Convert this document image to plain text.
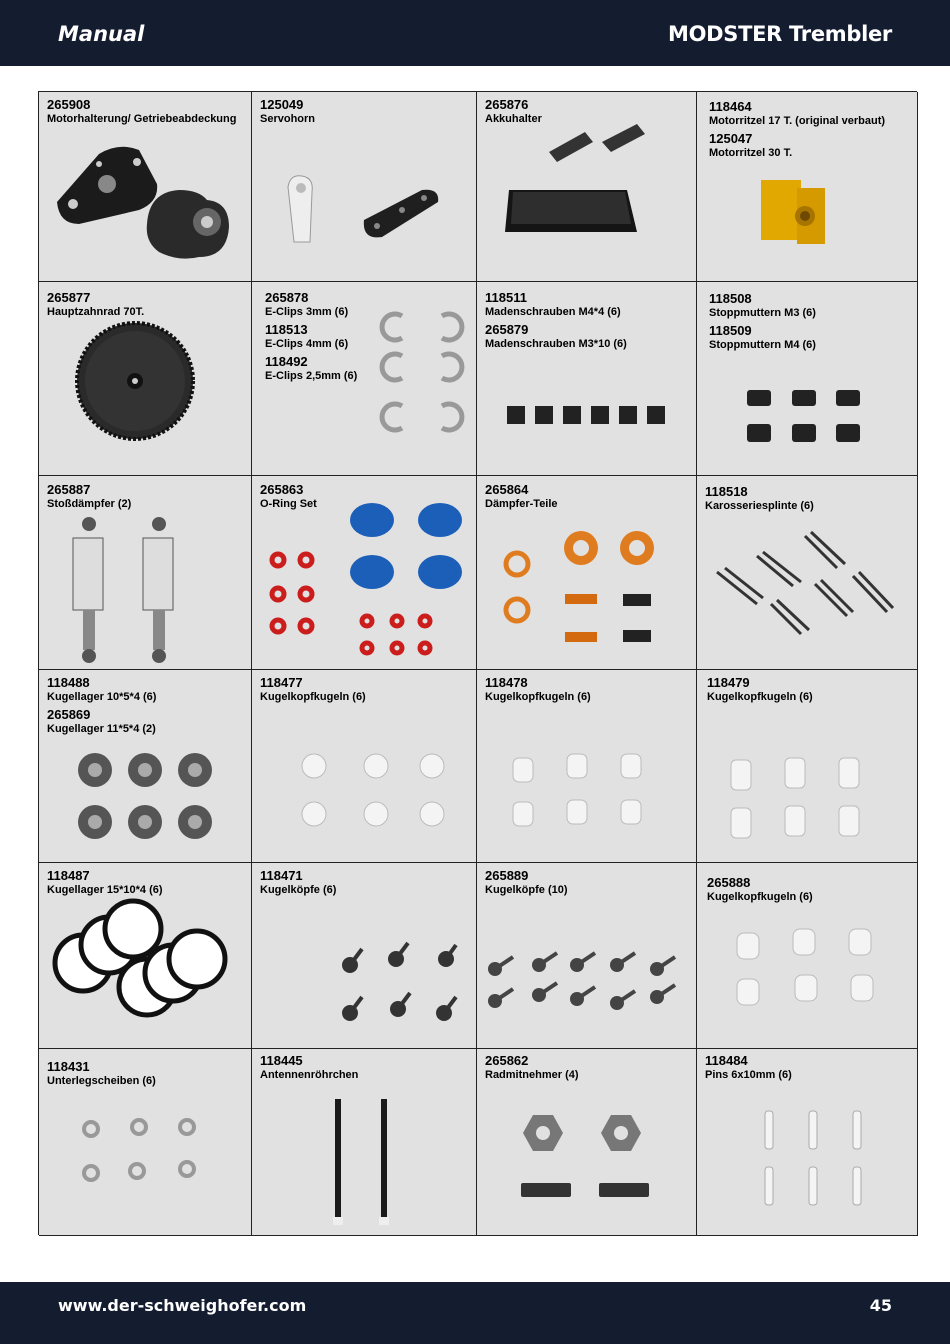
Manual	MODSTER Trembler
265908
Motorhalterung/ Getriebeabdeckung
125049
Servohorn
265876
Akkuhalter
118464
Motorritzel 17 T. (original verbaut)
125047
Motorritzel 30 T.
265877
Hauptzahnrad 70T.
265878
E-Clips 3mm (6)
118513
E-Clips 4mm (6)
118492
E-Clips 2,5mm (6)
118511
Madenschrauben M4*4 (6)
265879
Madenschrauben M3*10 (6)
118508
Stoppmuttern M3 (6)
118509
Stoppmuttern M4 (6)
265887
Stoßdämpfer (2)
265863
O-Ring Set
265864
Dämpfer-Teile
118518
Karosseriesplinte (6)
118488
Kugellager 10*5*4 (6)
265869
Kugellager 11*5*4 (2)
118477
Kugelkopfkugeln (6)
118478
Kugelkopfkugeln (6)
118479
Kugelkopfkugeln (6)
118487
Kugellager 15*10*4 (6)
118471
Kugelköpfe (6)
265889
Kugelköpfe (10)	265888
Kugelkopfkugeln (6)
118431
Unterlegscheiben (6)
118445
Antennenröhrchen
265862
Radmitnehmer (4)
118484
Pins 6x10mm (6)
www.der-schweighofer.com	45
